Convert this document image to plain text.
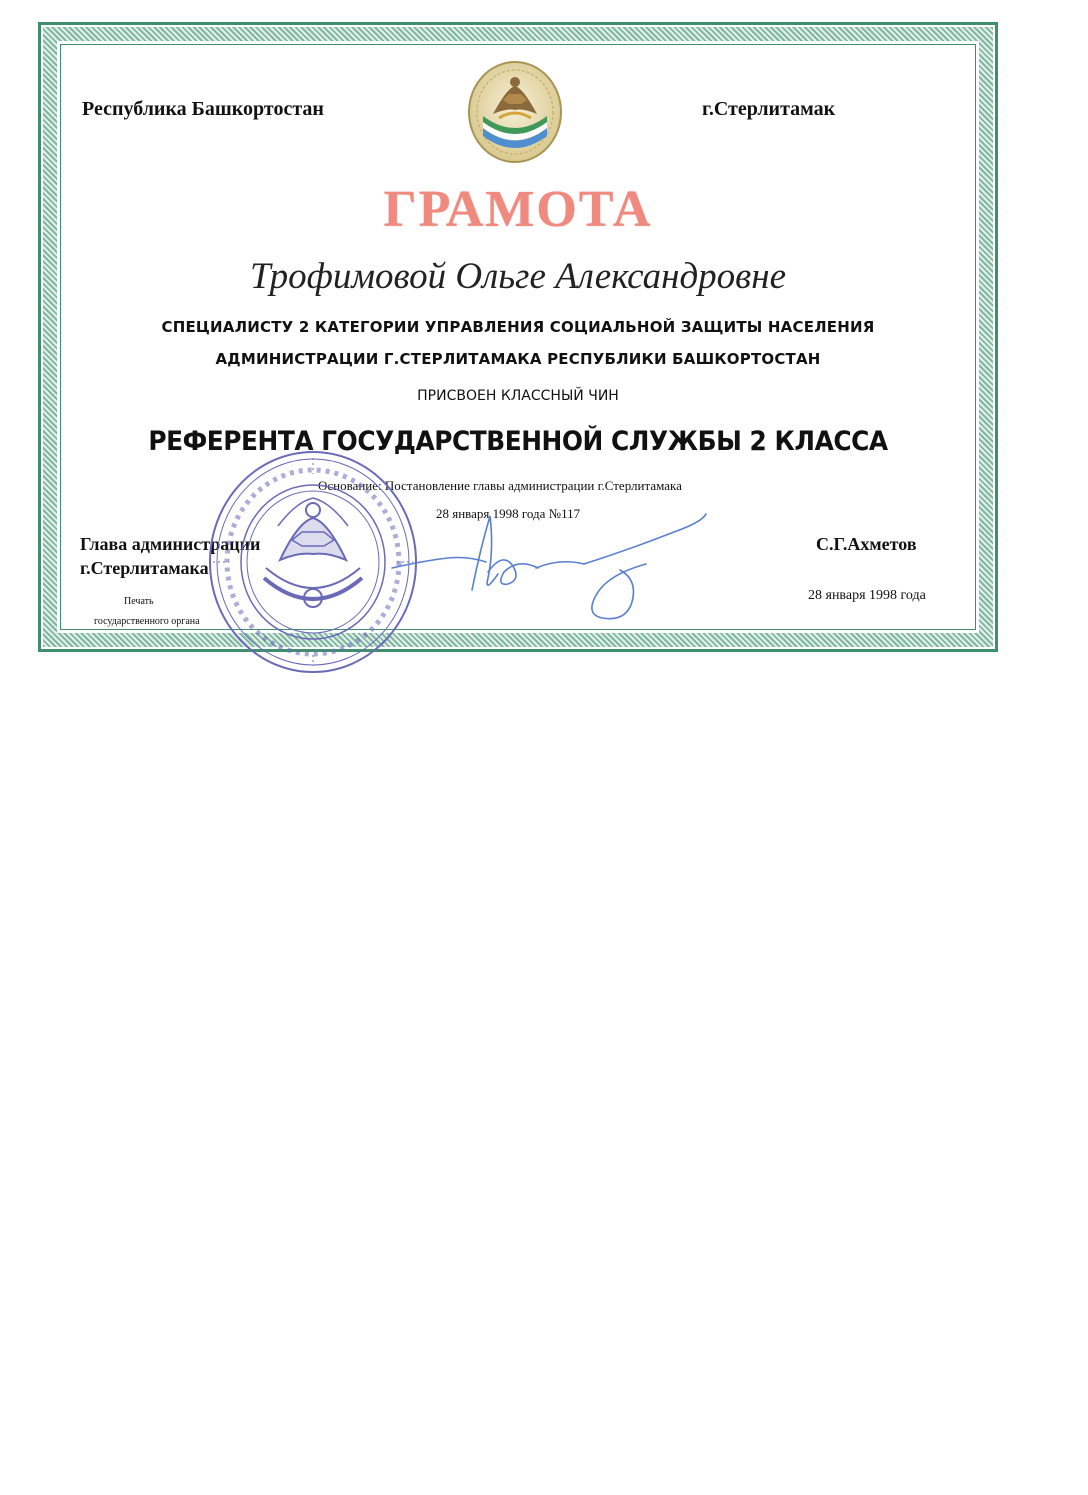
Республика Башкортостан	г.Стерлитамак

ГРАМОТА

Трофимовой Ольге Александровне

СПЕЦИАЛИСТУ 2 КАТЕГОРИИ УПРАВЛЕНИЯ СОЦИАЛЬНОЙ ЗАЩИТЫ НАСЕЛЕНИЯ

АДМИНИСТРАЦИИ Г.СТЕРЛИТАМАКА РЕСПУБЛИКИ БАШКОРТОСТАН

ПРИСВОЕН КЛАССНЫЙ ЧИН

РЕФЕРЕНТА ГОСУДАРСТВЕННОЙ СЛУЖБЫ 2 КЛАССА

Основание: Постановление главы администрации г.Стерлитамака

28 января 1998 года №117

Глава администрации

г.Стерлитамака

Печать

государственного органа

С.Г.Ахметов

28 января 1998 года
